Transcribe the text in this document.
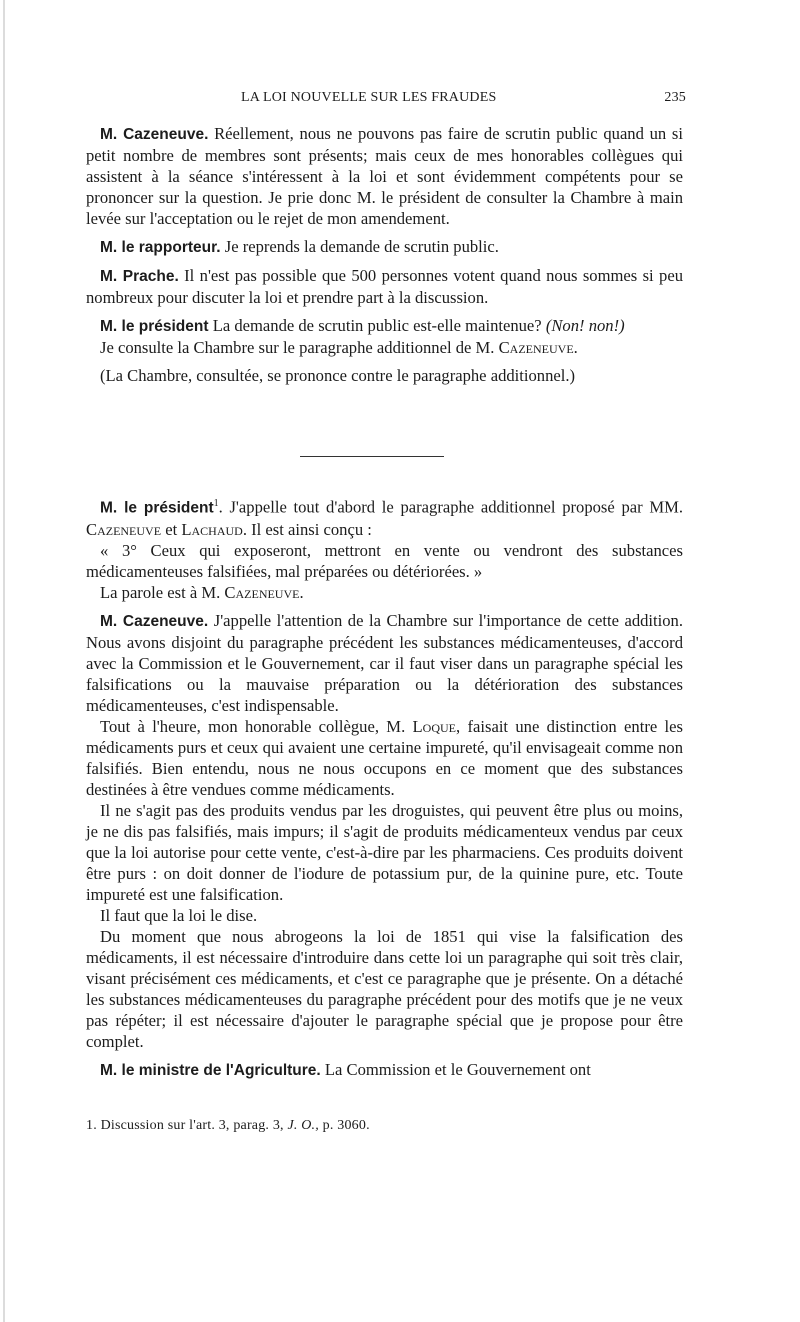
LA LOI NOUVELLE SUR LES FRAUDES	235

M. Cazeneuve. Réellement, nous ne pouvons pas faire de scrutin public quand un si petit nombre de membres sont présents; mais ceux de mes honorables collègues qui assistent à la séance s'intéressent à la loi et sont évidemment compétents pour se prononcer sur la question. Je prie donc M. le président de consulter la Chambre à main levée sur l'acceptation ou le rejet de mon amendement.

M. le rapporteur. Je reprends la demande de scrutin public.

M. Prache. Il n'est pas possible que 500 personnes votent quand nous sommes si peu nombreux pour discuter la loi et prendre part à la discussion.

M. le président La demande de scrutin public est-elle maintenue? (Non! non!)

Je consulte la Chambre sur le paragraphe additionnel de M. Cazeneuve.

(La Chambre, consultée, se prononce contre le paragraphe additionnel.)

M. le président$^1$. J'appelle tout d'abord le paragraphe additionnel proposé par MM. Cazeneuve et Lachaud. Il est ainsi conçu :

« 3° Ceux qui exposeront, mettront en vente ou vendront des substances médicamenteuses falsifiées, mal préparées ou détériorées. »

La parole est à M. Cazeneuve.

M. Cazeneuve. J'appelle l'attention de la Chambre sur l'importance de cette addition. Nous avons disjoint du paragraphe précédent les substances médicamenteuses, d'accord avec la Commission et le Gouvernement, car il faut viser dans un paragraphe spécial les falsifications ou la mauvaise préparation ou la détérioration des substances médicamenteuses, c'est indispensable.

Tout à l'heure, mon honorable collègue, M. Loque, faisait une distinction entre les médicaments purs et ceux qui avaient une certaine impureté, qu'il envisageait comme non falsifiés. Bien entendu, nous ne nous occupons en ce moment que des substances destinées à être vendues comme médicaments.

Il ne s'agit pas des produits vendus par les droguistes, qui peuvent être plus ou moins, je ne dis pas falsifiés, mais impurs; il s'agit de produits médicamenteux vendus par ceux que la loi autorise pour cette vente, c'est-à-dire par les pharmaciens. Ces produits doivent être purs : on doit donner de l'iodure de potassium pur, de la quinine pure, etc. Toute impureté est une falsification.

Il faut que la loi le dise.

Du moment que nous abrogeons la loi de 1851 qui vise la falsification des médicaments, il est nécessaire d'introduire dans cette loi un paragraphe qui soit très clair, visant précisément ces médicaments, et c'est ce paragraphe que je présente. On a détaché les substances médicamenteuses du paragraphe précédent pour des motifs que je ne veux pas répéter; il est nécessaire d'ajouter le paragraphe spécial que je propose pour être complet.

M. le ministre de l'Agriculture. La Commission et le Gouvernement ont

1. Discussion sur l'art. 3, parag. 3, J. O., p. 3060.
